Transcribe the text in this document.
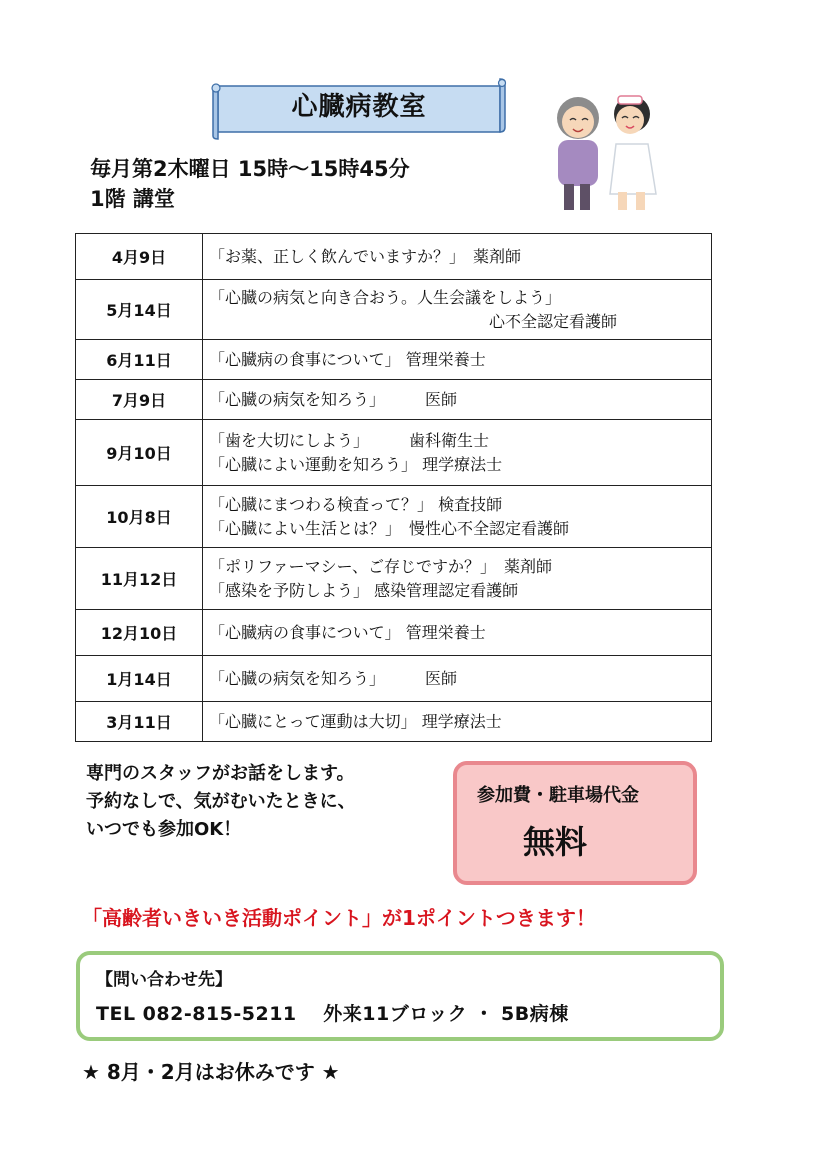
心臓病教室
毎月第2木曜日 15時～15時45分
1階 講堂
4月9日	「お薬、正しく飲んでいますか？」　薬剤師

5月14日	「心臓の病気と向き合おう。人生会議をしよう」
心不全認定看護師

6月11日	「心臓病の食事について」 管理栄養士

7月9日	「心臓の病気を知ろう」　　　医師

9月10日	「歯を大切にしよう」　　　歯科衛生士
「心臓によい運動を知ろう」 理学療法士

10月8日	「心臓にまつわる検査って？」 検査技師
「心臓によい生活とは？」　慢性心不全認定看護師

11月12日	「ポリファーマシー、ご存じですか？」　薬剤師
「感染を予防しよう」 感染管理認定看護師

12月10日	「心臓病の食事について」 管理栄養士

1月14日	「心臓の病気を知ろう」　　　医師

3月11日	「心臓にとって運動は大切」 理学療法士
専門のスタッフがお話をします。
予約なしで、気がむいたときに、
いつでも参加OK！
参加費・駐車場代金
無料
「高齢者いきいき活動ポイント」が1ポイントつきます！
【問い合わせ先】
TEL 082-815-5211　 外来11ブロック ・ 5B病棟
★ 8月・2月はお休みです ★
